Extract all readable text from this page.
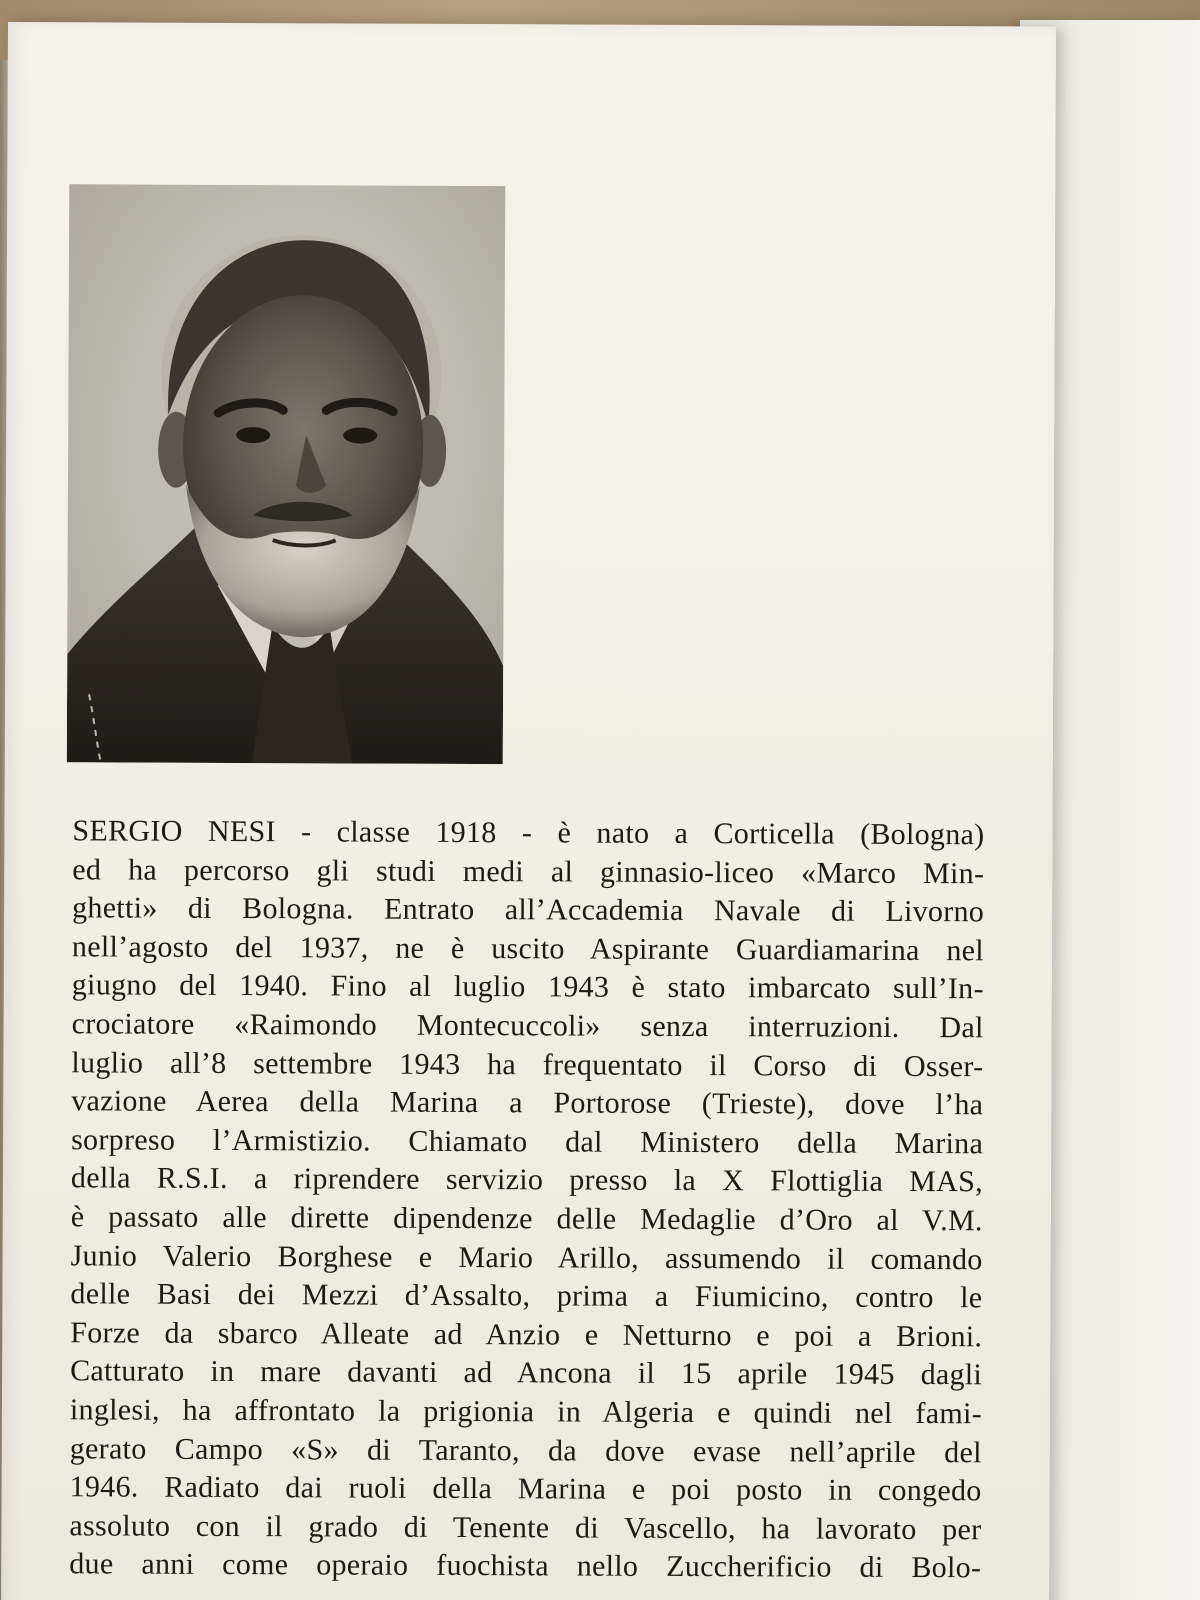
SERGIO NESI - classe 1918 - è nato a Corticella (Bologna)
ed ha percorso gli studi medi al ginnasio-liceo «Marco Min-
ghetti» di Bologna. Entrato all’Accademia Navale di Livorno
nell’agosto del 1937, ne è uscito Aspirante Guardiamarina nel
giugno del 1940. Fino al luglio 1943 è stato imbarcato sull’In-
crociatore «Raimondo Montecuccoli» senza interruzioni. Dal
luglio all’8 settembre 1943 ha frequentato il Corso di Osser-
vazione Aerea della Marina a Portorose (Trieste), dove l’ha
sorpreso l’Armistizio. Chiamato dal Ministero della Marina
della R.S.I. a riprendere servizio presso la X Flottiglia MAS,
è passato alle dirette dipendenze delle Medaglie d’Oro al V.M.
Junio Valerio Borghese e Mario Arillo, assumendo il comando
delle Basi dei Mezzi d’Assalto, prima a Fiumicino, contro le
Forze da sbarco Alleate ad Anzio e Netturno e poi a Brioni.
Catturato in mare davanti ad Ancona il 15 aprile 1945 dagli
inglesi, ha affrontato la prigionia in Algeria e quindi nel fami-
gerato Campo «S» di Taranto, da dove evase nell’aprile del
1946. Radiato dai ruoli della Marina e poi posto in congedo
assoluto con il grado di Tenente di Vascello, ha lavorato per
due anni come operaio fuochista nello Zuccherificio di Bolo-
